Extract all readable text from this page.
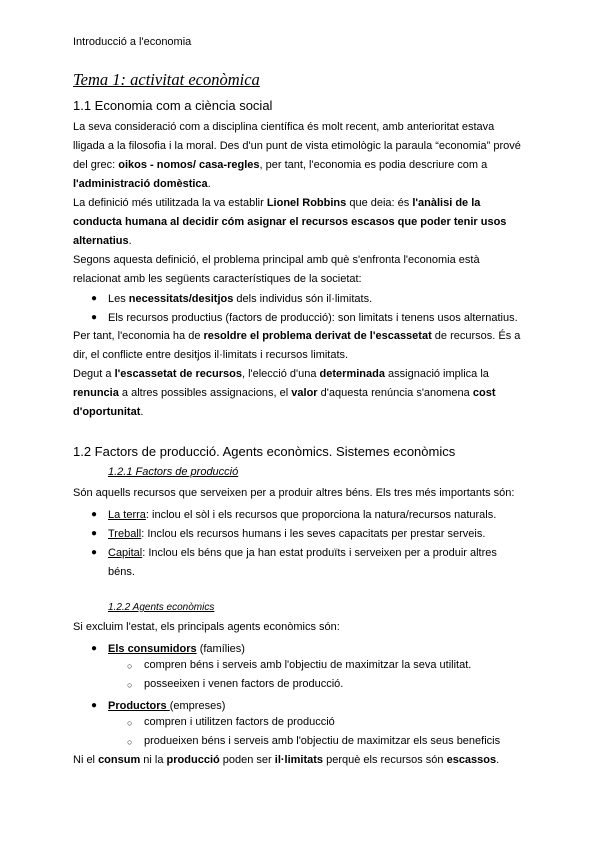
Introducció a l'economia
Tema 1: activitat econòmica
1.1 Economia com a ciència social
La seva consideració com a disciplina científica és molt recent, amb anterioritat estava
lligada a la filosofia i la moral. Des d'un punt de vista etimològic la paraula “economia” prové
del grec: oikos - nomos/ casa-regles, per tant, l'economia es podia descriure com a
l'administració domèstica.
La definició més utilitzada la va establir Lionel Robbins que deia: és l'anàlisi de la
conducta humana al decidir cóm asignar el recursos escasos que poder tenir usos
alternatius.
Segons aquesta definició, el problema principal amb què s'enfronta l'economia està
relacionat amb les següents característiques de la societat:
● Les necessitats/desitjos dels individus són il·limitats.
● Els recursos productius (factors de producció): son limitats i tenens usos alternatius.
Per tant, l'economia ha de resoldre el problema derivat de l'escassetat de recursos. És a
dir, el conflicte entre desitjos il·limitats i recursos limitats.
Degut a l'escassetat de recursos, l'elecció d'una determinada assignació implica la
renuncia a altres possibles assignacions, el valor d'aquesta renúncia s'anomena cost
d'oportunitat.
1.2 Factors de producció. Agents econòmics. Sistemes econòmics
1.2.1 Factors de producció
Són aquells recursos que serveixen per a produir altres béns. Els tres més importants són:
● La terra: inclou el sòl i els recursos que proporciona la natura/recursos naturals.
● Treball: Inclou els recursos humans i les seves capacitats per prestar serveis.
● Capital: Inclou els béns que ja han estat produïts i serveixen per a produir altres
béns.
1.2.2 Agents econòmics
Si excluim l'estat, els principals agents econòmics són:
● Els consumidors (famílies)
○ compren béns i serveis amb l'objectiu de maximitzar la seva utilitat.
○ posseeixen i venen factors de producció.
● Productors (empreses)
○ compren i utilitzen factors de producció
○ produeixen béns i serveis amb l'objectiu de maximitzar els seus beneficis
Ni el consum ni la producció poden ser il·limitats perquè els recursos són escassos.
